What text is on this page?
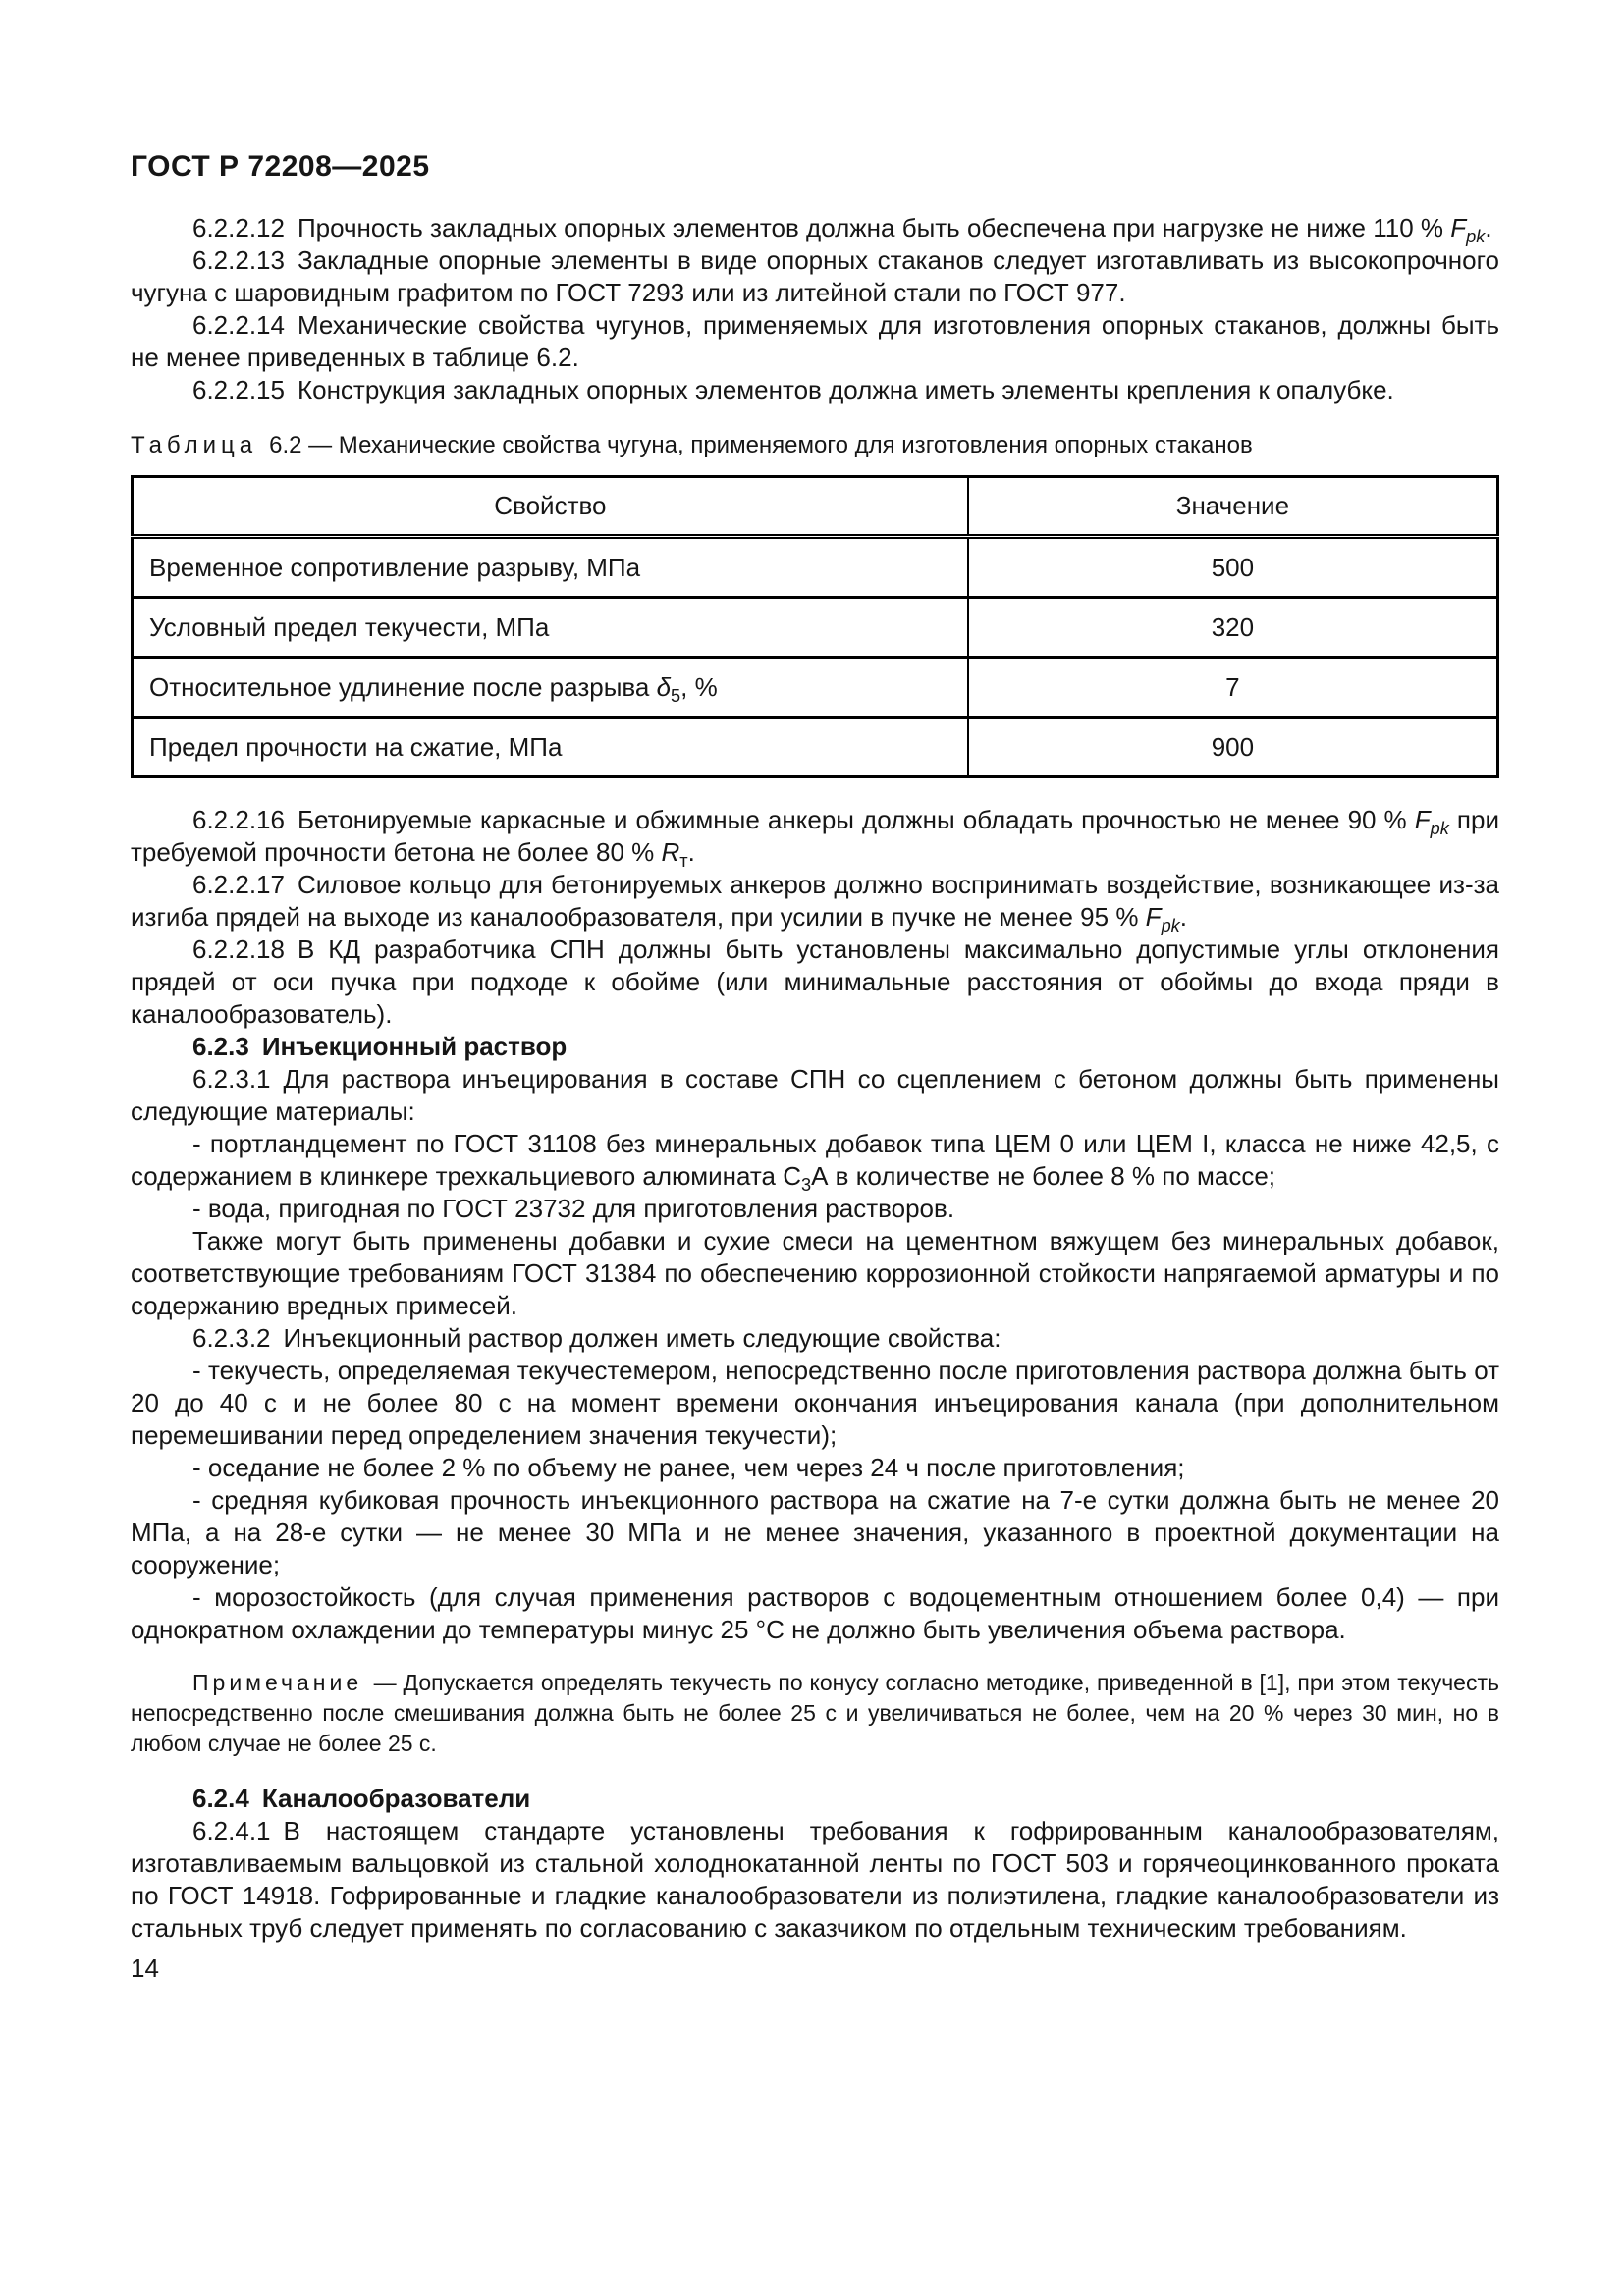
ГОСТ Р 72208—2025

6.2.2.12 Прочность закладных опорных элементов должна быть обеспечена при нагрузке не ниже 110 % $F_{pk}$.

6.2.2.13 Закладные опорные элементы в виде опорных стаканов следует изготавливать из высокопрочного чугуна с шаровидным графитом по ГОСТ 7293 или из литейной стали по ГОСТ 977.

6.2.2.14 Механические свойства чугунов, применяемых для изготовления опорных стаканов, должны быть не менее приведенных в таблице 6.2.

6.2.2.15 Конструкция закладных опорных элементов должна иметь элементы крепления к опалубке.

Таблица 6.2 — Механические свойства чугуна, применяемого для изготовления опорных стаканов
Свойство	Значение
Временное сопротивление разрыву, МПа	500
Условный предел текучести, МПа	320
Относительное удлинение после разрыва $\delta_5$, %	7
Предел прочности на сжатие, МПа	900

6.2.2.16 Бетонируемые каркасные и обжимные анкеры должны обладать прочностью не менее 90 % $F_{pk}$ при требуемой прочности бетона не более 80 % $R_т$.

6.2.2.17 Силовое кольцо для бетонируемых анкеров должно воспринимать воздействие, возникающее из-за изгиба прядей на выходе из каналообразователя, при усилии в пучке не менее 95 % $F_{pk}$.

6.2.2.18 В КД разработчика СПН должны быть установлены максимально допустимые углы отклонения прядей от оси пучка при подходе к обойме (или минимальные расстояния от обоймы до входа пряди в каналообразователь).

6.2.3 Инъекционный раствор

6.2.3.1 Для раствора инъецирования в составе СПН со сцеплением с бетоном должны быть применены следующие материалы:

- портландцемент по ГОСТ 31108 без минеральных добавок типа ЦЕМ 0 или ЦЕМ I, класса не ниже 42,5, с содержанием в клинкере трехкальциевого алюмината $С_3А$ в количестве не более 8 % по массе;

- вода, пригодная по ГОСТ 23732 для приготовления растворов.

Также могут быть применены добавки и сухие смеси на цементном вяжущем без минеральных добавок, соответствующие требованиям ГОСТ 31384 по обеспечению коррозионной стойкости напрягаемой арматуры и по содержанию вредных примесей.

6.2.3.2 Инъекционный раствор должен иметь следующие свойства:

- текучесть, определяемая текучестемером, непосредственно после приготовления раствора должна быть от 20 до 40 с и не более 80 с на момент времени окончания инъецирования канала (при дополнительном перемешивании перед определением значения текучести);

- оседание не более 2 % по объему не ранее, чем через 24 ч после приготовления;

- средняя кубиковая прочность инъекционного раствора на сжатие на 7-е сутки должна быть не менее 20 МПа, а на 28-е сутки — не менее 30 МПа и не менее значения, указанного в проектной документации на сооружение;

- морозостойкость (для случая применения растворов с водоцементным отношением более 0,4) — при однократном охлаждении до температуры минус 25 °С не должно быть увеличения объема раствора.

Примечание — Допускается определять текучесть по конусу согласно методике, приведенной в [1], при этом текучесть непосредственно после смешивания должна быть не более 25 с и увеличиваться не более, чем на 20 % через 30 мин, но в любом случае не более 25 с.

6.2.4 Каналообразователи

6.2.4.1 В настоящем стандарте установлены требования к гофрированным каналообразователям, изготавливаемым вальцовкой из стальной холоднокатанной ленты по ГОСТ 503 и горячеоцинкованного проката по ГОСТ 14918. Гофрированные и гладкие каналообразователи из полиэтилена, гладкие каналообразователи из стальных труб следует применять по согласованию с заказчиком по отдельным техническим требованиям.

14
